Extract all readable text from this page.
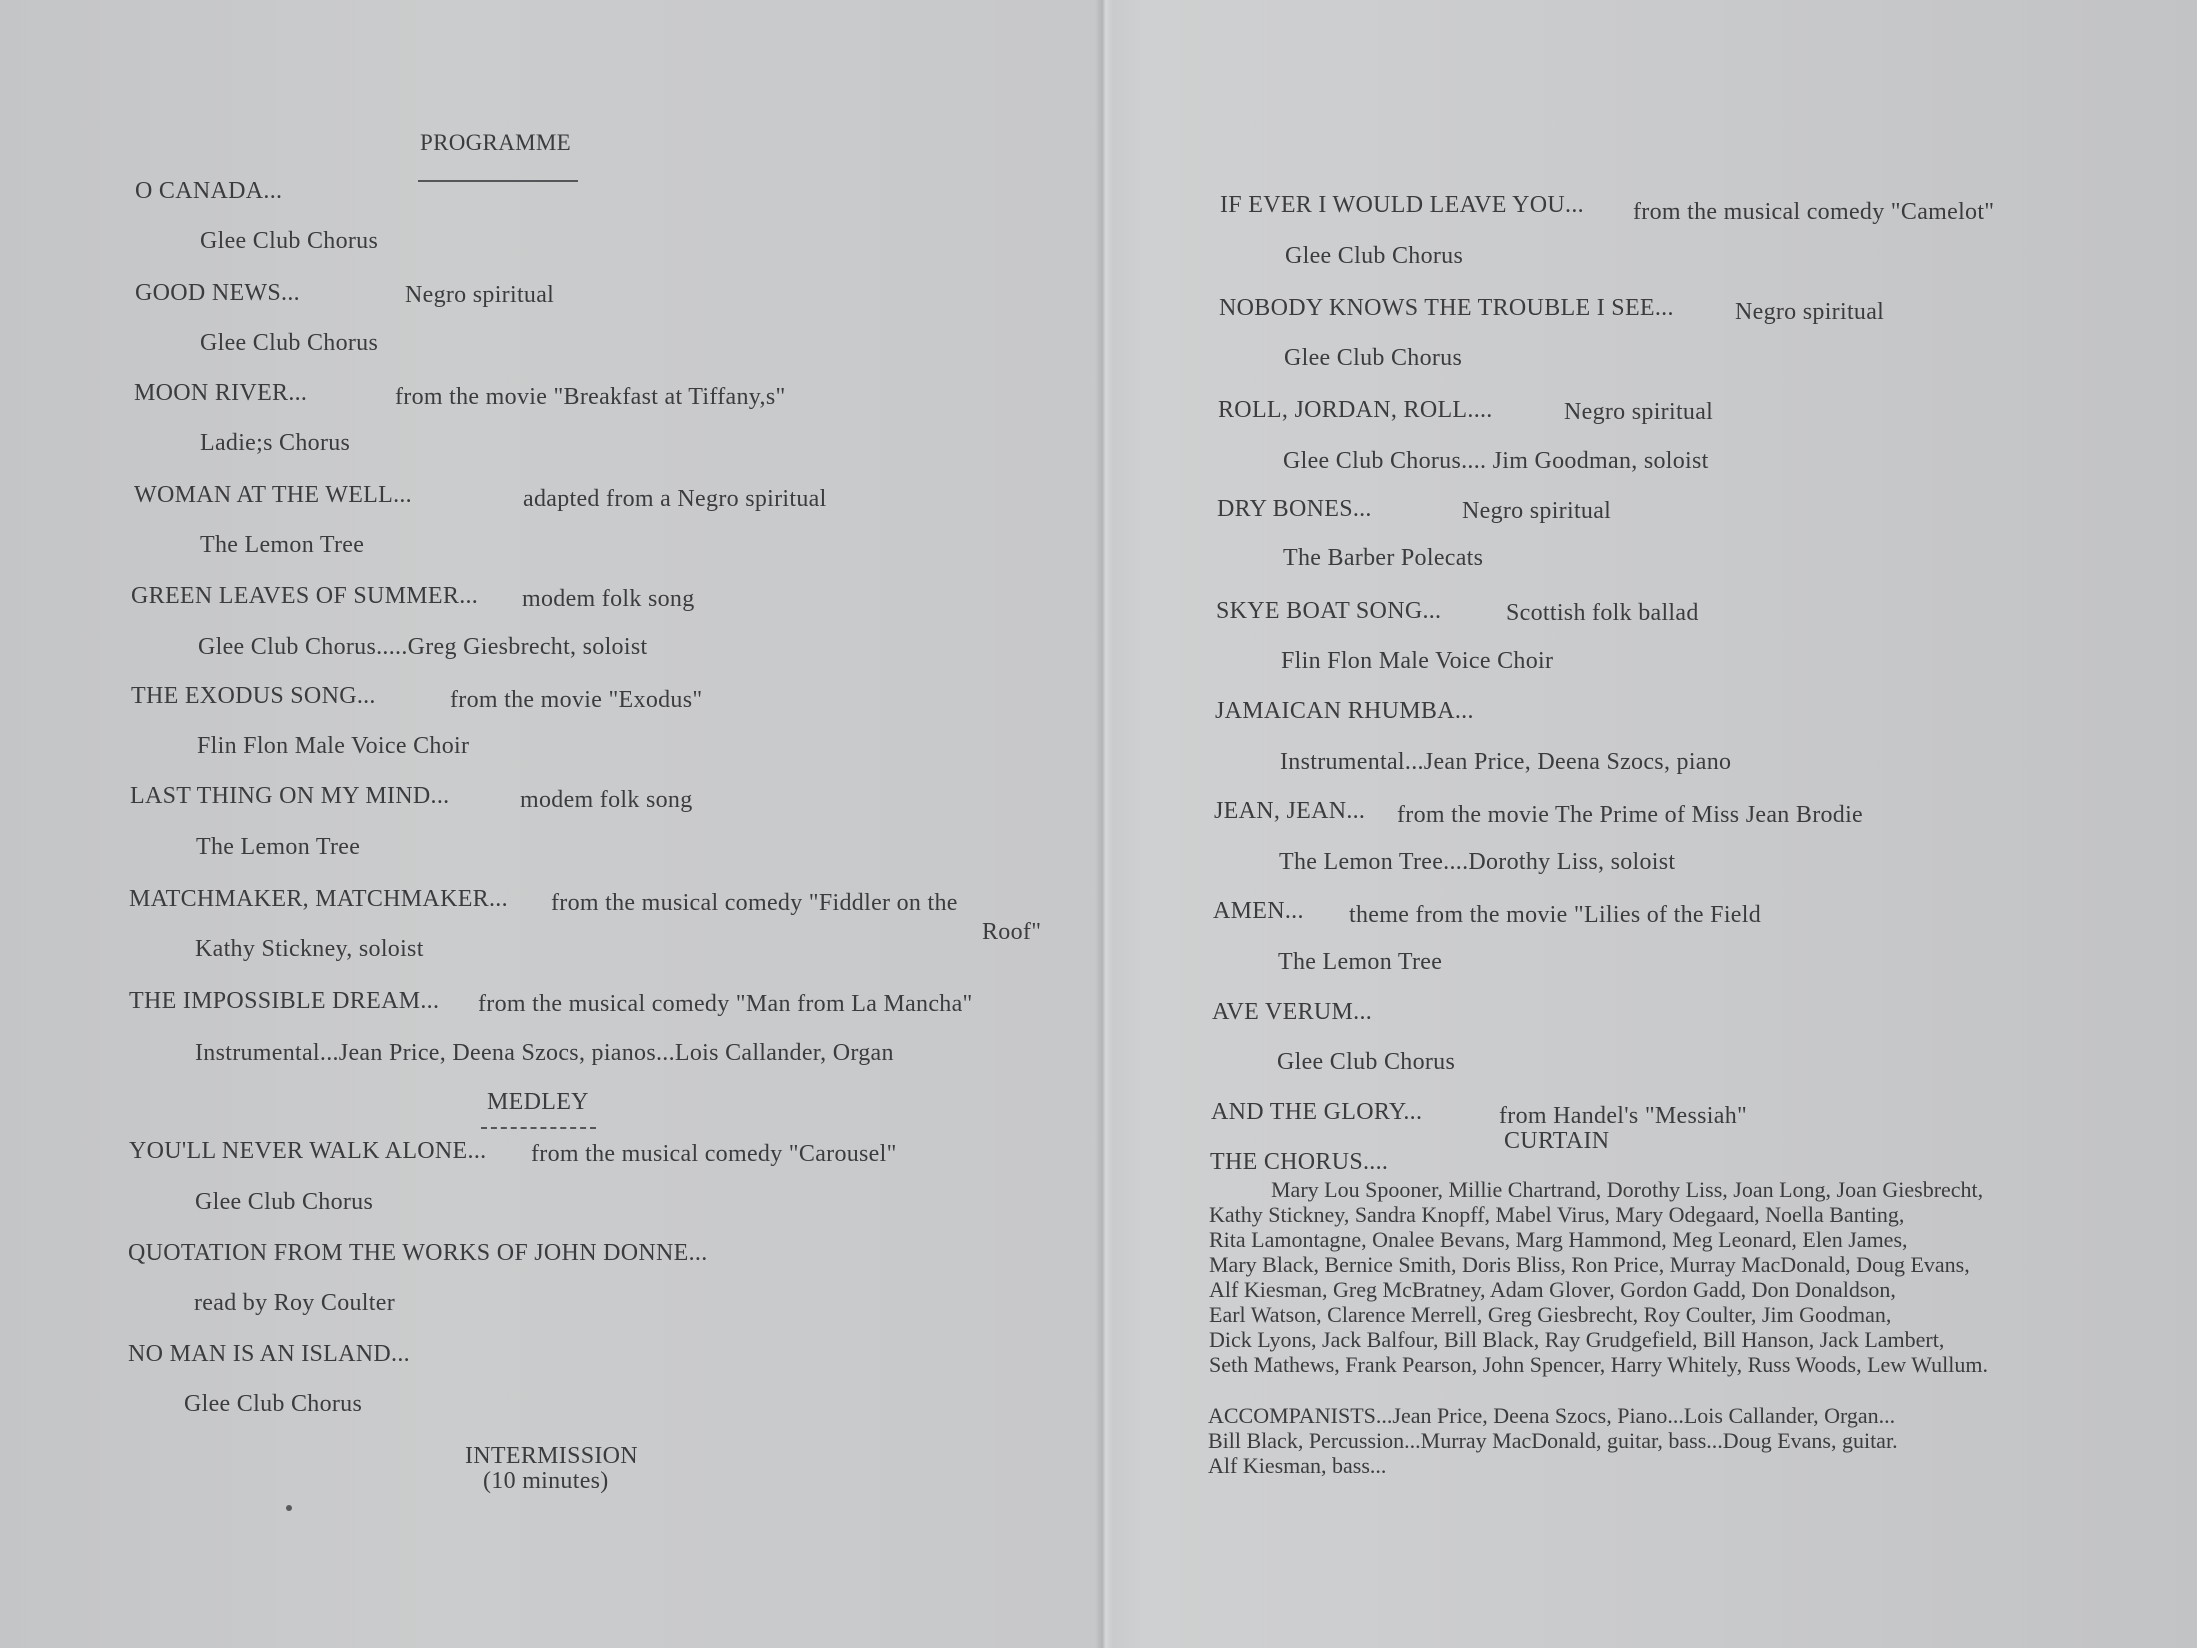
PROGRAMME
O CANADA...
Glee Club Chorus
GOOD NEWS...	Negro spiritual
Glee Club Chorus
MOON RIVER...	from the movie "Breakfast at Tiffany,s"
Ladie;s Chorus
WOMAN AT THE WELL...	adapted from a Negro spiritual
The Lemon Tree
GREEN LEAVES OF SUMMER... modem folk song
Glee Club Chorus.....Greg Giesbrecht, soloist
THE EXODUS SONG...	from the movie "Exodus"
Flin Flon Male Voice Choir
LAST THING ON MY MIND...	modem folk song
The Lemon Tree
MATCHMAKER, MATCHMAKER... from the musical comedy "Fiddler on the
Roof"
Kathy Stickney, soloist
THE IMPOSSIBLE DREAM... from the musical comedy "Man from La Mancha"
Instrumental...Jean Price, Deena Szocs, pianos...Lois Callander, Organ
MEDLEY
YOU'LL NEVER WALK ALONE... from the musical comedy "Carousel"
Glee Club Chorus
QUOTATION FROM THE WORKS OF JOHN DONNE...
read by Roy Coulter
NO MAN IS AN ISLAND...
Glee Club Chorus
INTERMISSION
(10 minutes)
IF EVER I WOULD LEAVE YOU... from the musical comedy "Camelot"
Glee Club Chorus
NOBODY KNOWS THE TROUBLE I SEE...	Negro spiritual
Glee Club Chorus
ROLL, JORDAN, ROLL....	Negro spiritual
Glee Club Chorus.... Jim Goodman, soloist
DRY BONES...	Negro spiritual
The Barber Polecats
SKYE BOAT SONG...	Scottish folk ballad
Flin Flon Male Voice Choir
JAMAICAN RHUMBA...
Instrumental...Jean Price, Deena Szocs, piano
JEAN, JEAN... from the movie The Prime of Miss Jean Brodie
The Lemon Tree....Dorothy Liss, soloist
AMEN... theme from the movie "Lilies of the Field
The Lemon Tree
AVE VERUM...
Glee Club Chorus
AND THE GLORY...	from Handel's "Messiah"
CURTAIN
THE CHORUS....
Mary Lou Spooner, Millie Chartrand, Dorothy Liss, Joan Long, Joan Giesbrecht,
Kathy Stickney, Sandra Knopff, Mabel Virus, Mary Odegaard, Noella Banting,
Rita Lamontagne, Onalee Bevans, Marg Hammond, Meg Leonard, Elen James,
Mary Black, Bernice Smith, Doris Bliss, Ron Price, Murray MacDonald, Doug Evans,
Alf Kiesman, Greg McBratney, Adam Glover, Gordon Gadd, Don Donaldson,
Earl Watson, Clarence Merrell, Greg Giesbrecht, Roy Coulter, Jim Goodman,
Dick Lyons, Jack Balfour, Bill Black, Ray Grudgefield, Bill Hanson, Jack Lambert,
Seth Mathews, Frank Pearson, John Spencer, Harry Whitely, Russ Woods, Lew Wullum.
ACCOMPANISTS...Jean Price, Deena Szocs, Piano...Lois Callander, Organ...
Bill Black, Percussion...Murray MacDonald, guitar, bass...Doug Evans, guitar.
Alf Kiesman, bass...
